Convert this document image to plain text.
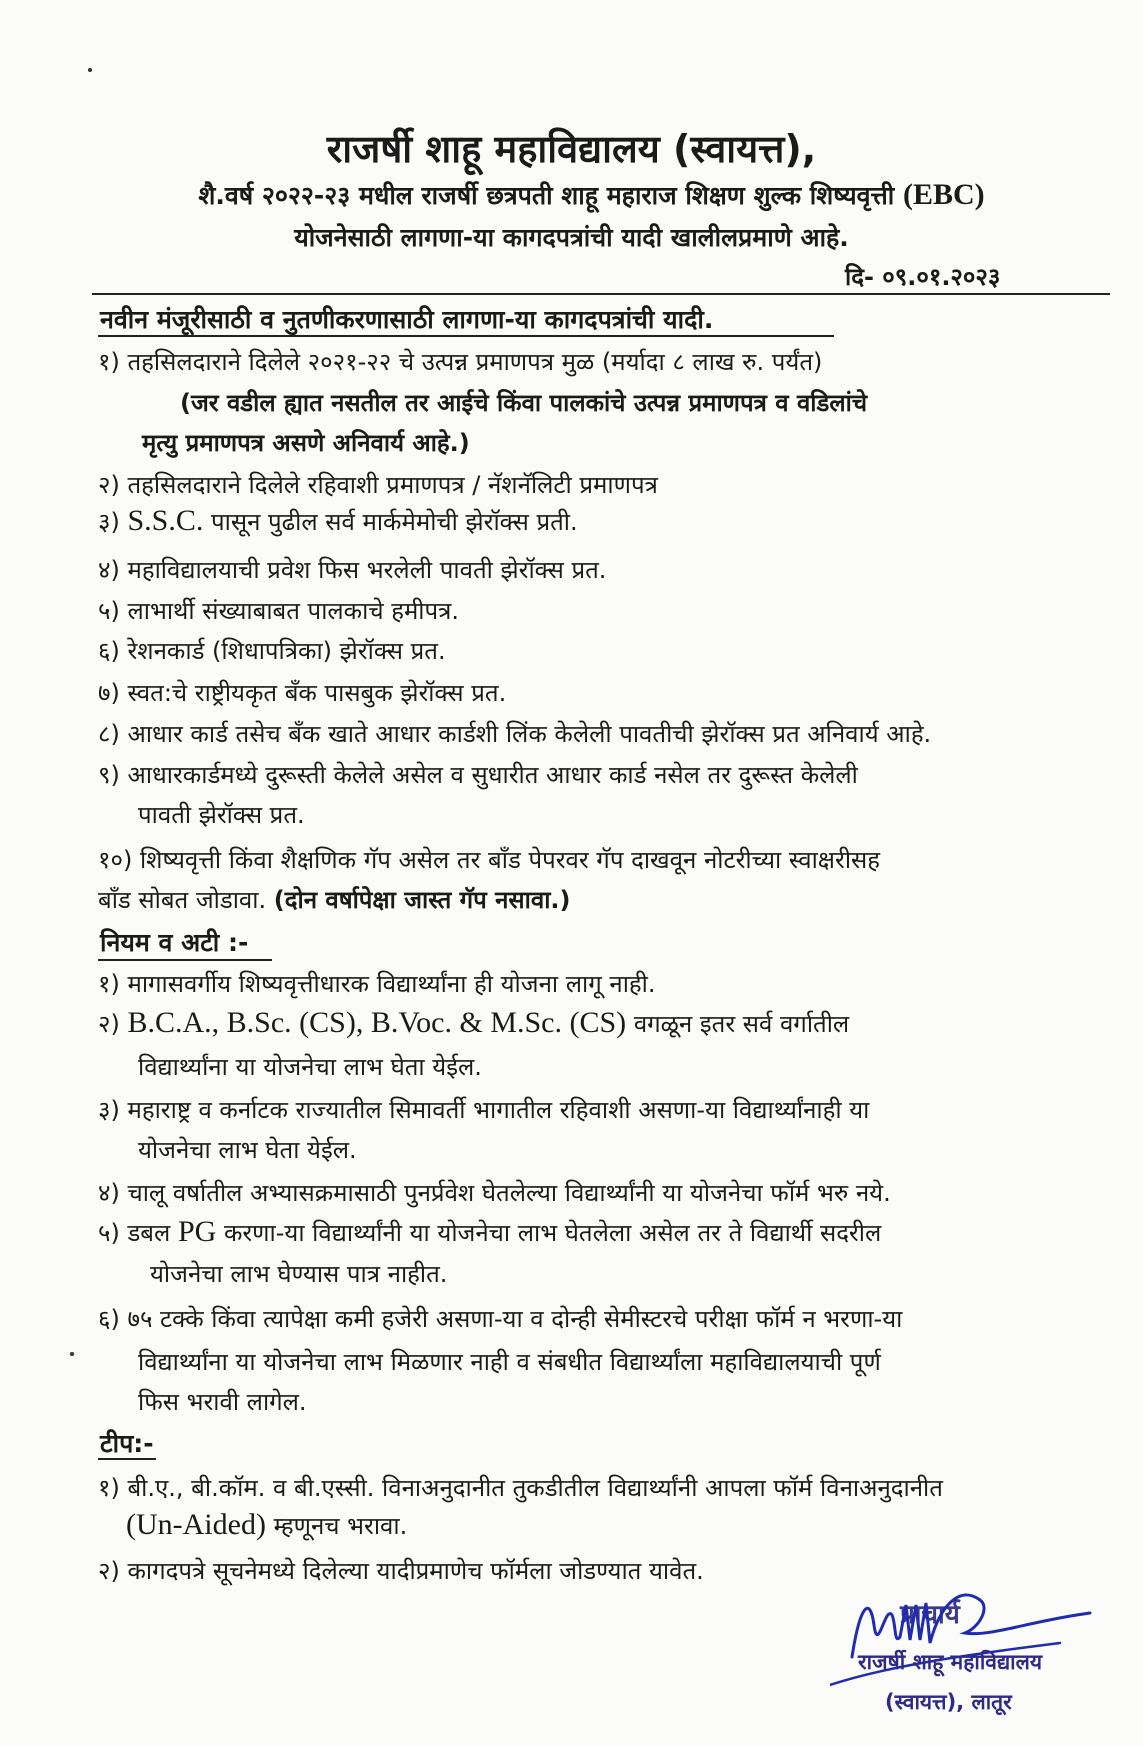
राजर्षी शाहू महाविद्यालय (स्वायत्त),
शै.वर्ष २०२२-२३ मधील राजर्षी छत्रपती शाहू महाराज शिक्षण शुल्क शिष्यवृत्ती (EBC)
योजनेसाठी लागणा-या कागदपत्रांची यादी खालीलप्रमाणे आहे.
दि- ०९.०१.२०२३
नवीन मंजूरीसाठी व नुतणीकरणासाठी लागणा-या कागदपत्रांची यादी.
१) तहसिलदाराने दिलेले २०२१-२२ चे उत्पन्न प्रमाणपत्र मुळ (मर्यादा ८ लाख रु. पर्यंत)
(जर वडील ह्यात नसतील तर आईचे किंवा पालकांचे उत्पन्न प्रमाणपत्र व वडिलांचे
मृत्यु प्रमाणपत्र असणे अनिवार्य आहे.)
२) तहसिलदाराने दिलेले रहिवाशी प्रमाणपत्र / नॅशनॅलिटी प्रमाणपत्र
३) S.S.C. पासून पुढील सर्व मार्कमेमोची झेरॉक्स प्रती.
४) महाविद्यालयाची प्रवेश फिस भरलेली पावती झेरॉक्स प्रत.
५) लाभार्थी संख्याबाबत पालकाचे हमीपत्र.
६) रेशनकार्ड (शिधापत्रिका) झेरॉक्स प्रत.
७) स्वत:चे राष्ट्रीयकृत बँक पासबुक झेरॉक्स प्रत.
८) आधार कार्ड तसेच बँक खाते आधार कार्डशी लिंक केलेली पावतीची झेरॉक्स प्रत अनिवार्य आहे.
९) आधारकार्डमध्ये दुरूस्ती केलेले असेल व सुधारीत आधार कार्ड नसेल तर दुरूस्त केलेली
पावती झेरॉक्स प्रत.
१०) शिष्यवृत्ती किंवा शैक्षणिक गॅप असेल तर बॉंड पेपरवर गॅप दाखवून नोटरीच्या स्वाक्षरीसह
बॉंड सोबत जोडावा. (दोन वर्षापेक्षा जास्त गॅप नसावा.)
नियम व अटी :-
१) मागासवर्गीय शिष्यवृत्तीधारक विद्यार्थ्यांना ही योजना लागू नाही.
२) B.C.A., B.Sc. (CS), B.Voc. & M.Sc. (CS) वगळून इतर सर्व वर्गातील
विद्यार्थ्यांना या योजनेचा लाभ घेता येईल.
३) महाराष्ट्र व कर्नाटक राज्यातील सिमावर्ती भागातील रहिवाशी असणा-या विद्यार्थ्यांनाही या
योजनेचा लाभ घेता येईल.
४) चालू वर्षातील अभ्यासक्रमासाठी पुनर्प्रवेश घेतलेल्या विद्यार्थ्यांनी या योजनेचा फॉर्म भरु नये.
५) डबल PG करणा-या विद्यार्थ्यांनी या योजनेचा लाभ घेतलेला असेल तर ते विद्यार्थी सदरील
योजनेचा लाभ घेण्यास पात्र नाहीत.
६) ७५ टक्के किंवा त्यापेक्षा कमी हजेरी असणा-या व दोन्ही सेमीस्टरचे परीक्षा फॉर्म न भरणा-या
विद्यार्थ्यांना या योजनेचा लाभ मिळणार नाही व संबधीत विद्यार्थ्यांला महाविद्यालयाची पूर्ण
फिस भरावी लागेल.
टीप:-
१) बी.ए., बी.कॉम. व बी.एस्सी. विनाअनुदानीत तुकडीतील विद्यार्थ्यांनी आपला फॉर्म विनाअनुदानीत
(Un-Aided) म्हणूनच भरावा.
२) कागदपत्रे सूचनेमध्ये दिलेल्या यादीप्रमाणेच फॉर्मला जोडण्यात यावेत.
प्राचार्य
राजर्षी शाहू महाविद्यालय
(स्वायत्त), लातूर
